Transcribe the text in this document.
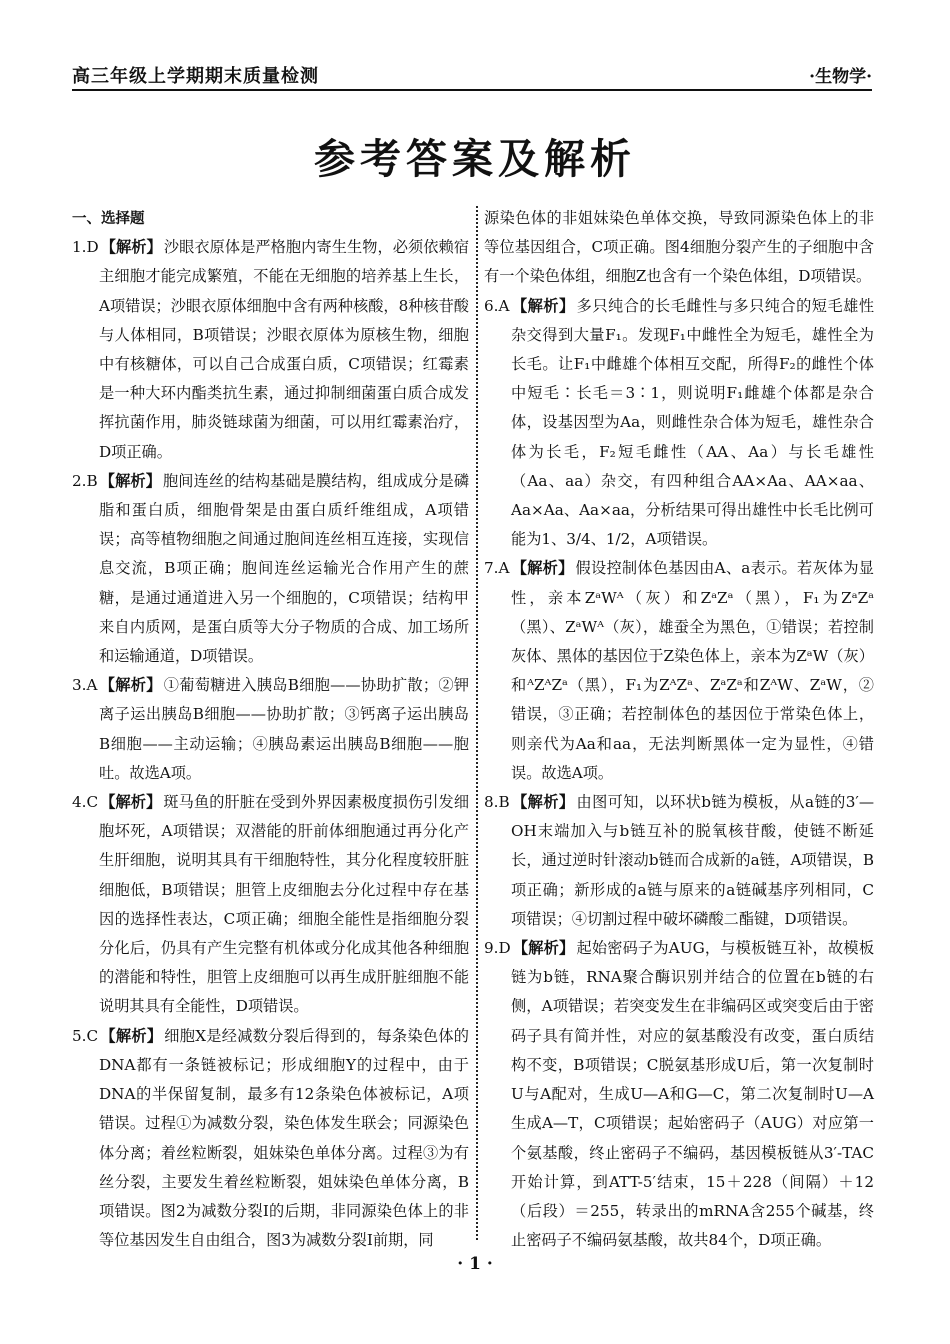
高三年级上学期期末质量检测	·生物学·
参考答案及解析
一、选择题

1.D 【解析】 沙眼衣原体是严格胞内寄生生物，必须依赖宿主细胞才能完成繁殖，不能在无细胞的培养基上生长，A项错误；沙眼衣原体细胞中含有两种核酸，8种核苷酸与人体相同，B项错误；沙眼衣原体为原核生物，细胞中有核糖体，可以自己合成蛋白质，C项错误；红霉素是一种大环内酯类抗生素，通过抑制细菌蛋白质合成发挥抗菌作用，肺炎链球菌为细菌，可以用红霉素治疗，D项正确。

2.B 【解析】 胞间连丝的结构基础是膜结构，组成成分是磷脂和蛋白质，细胞骨架是由蛋白质纤维组成，A项错误；高等植物细胞之间通过胞间连丝相互连接，实现信息交流，B项正确；胞间连丝运输光合作用产生的蔗糖，是通过通道进入另一个细胞的，C项错误；结构甲来自内质网，是蛋白质等大分子物质的合成、加工场所和运输通道，D项错误。

3.A 【解析】 ①葡萄糖进入胰岛B细胞——协助扩散；②钾离子运出胰岛B细胞——协助扩散；③钙离子运出胰岛B细胞——主动运输；④胰岛素运出胰岛B细胞——胞吐。故选A项。

4.C 【解析】 斑马鱼的肝脏在受到外界因素极度损伤引发细胞坏死，A项错误；双潜能的肝前体细胞通过再分化产生肝细胞，说明其具有干细胞特性，其分化程度较肝脏细胞低，B项错误；胆管上皮细胞去分化过程中存在基因的选择性表达，C项正确；细胞全能性是指细胞分裂分化后，仍具有产生完整有机体或分化成其他各种细胞的潜能和特性，胆管上皮细胞可以再生成肝脏细胞不能说明其具有全能性，D项错误。

5.C 【解析】 细胞X是经减数分裂后得到的，每条染色体的DNA都有一条链被标记；形成细胞Y的过程中，由于DNA的半保留复制，最多有12条染色体被标记，A项错误。过程①为减数分裂，染色体发生联会；同源染色体分离；着丝粒断裂，姐妹染色单体分离。过程③为有丝分裂，主要发生着丝粒断裂，姐妹染色单体分离，B项错误。图2为减数分裂Ⅰ的后期，非同源染色体上的非等位基因发生自由组合，图3为减数分裂Ⅰ前期，同

源染色体的非姐妹染色单体交换，导致同源染色体上的非等位基因组合，C项正确。图4细胞分裂产生的子细胞中含有一个染色体组，细胞Z也含有一个染色体组，D项错误。

6.A 【解析】 多只纯合的长毛雌性与多只纯合的短毛雄性杂交得到大量F₁。发现F₁中雌性全为短毛，雄性全为长毛。让F₁中雌雄个体相互交配，所得F₂的雌性个体中短毛∶长毛＝3∶1，则说明F₁雌雄个体都是杂合体，设基因型为Aa，则雌性杂合体为短毛，雄性杂合体为长毛，F₂短毛雌性（AA、Aa）与长毛雄性（Aa、aa）杂交，有四种组合AA×Aa、AA×aa、Aa×Aa、Aa×aa，分析结果可得出雄性中长毛比例可能为1、3/4、1/2，A项错误。

7.A 【解析】 假设控制体色基因由A、a表示。若灰体为显性，亲本ZᵃWᴬ（灰）和ZᵃZᵃ（黑），F₁为ZᵃZᵃ（黑）、ZᵃWᴬ（灰），雄蚕全为黑色，①错误；若控制灰体、黑体的基因位于Z染色体上，亲本为ZᵃW（灰）和ᴬZᴬZᵃ（黑），F₁为ZᴬZᵃ、ZᵃZᵃ和ZᴬW、ZᵃW，②错误，③正确；若控制体色的基因位于常染色体上，则亲代为Aa和aa，无法判断黑体一定为显性，④错误。故选A项。

8.B 【解析】 由图可知，以环状b链为模板，从a链的3′—OH末端加入与b链互补的脱氧核苷酸，使链不断延长，通过逆时针滚动b链而合成新的a链，A项错误，B项正确；新形成的a链与原来的a链碱基序列相同，C项错误；④切割过程中破坏磷酸二酯键，D项错误。

9.D 【解析】 起始密码子为AUG，与模板链互补，故模板链为b链，RNA聚合酶识别并结合的位置在b链的右侧，A项错误；若突变发生在非编码区或突变后由于密码子具有简并性，对应的氨基酸没有改变，蛋白质结构不变，B项错误；C脱氨基形成U后，第一次复制时U与A配对，生成U—A和G—C，第二次复制时U—A生成A—T，C项错误；起始密码子（AUG）对应第一个氨基酸，终止密码子不编码，基因模板链从3′-TAC开始计算，到ATT-5′结束，15＋228（间隔）＋12（后段）＝255，转录出的mRNA含255个碱基，终止密码子不编码氨基酸，故共84个，D项正确。

· 1 ·
